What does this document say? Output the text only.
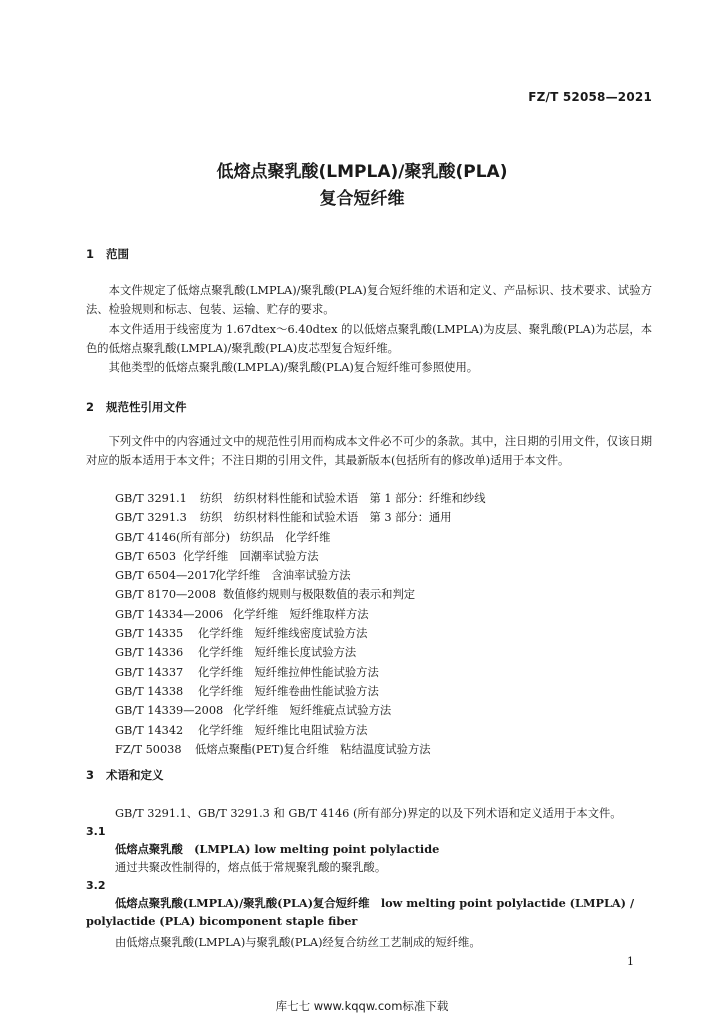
FZ/T 52058—2021
低熔点聚乳酸(LMPLA)/聚乳酸(PLA)
复合短纤维
1 范围
本文件规定了低熔点聚乳酸(LMPLA)/聚乳酸(PLA)复合短纤维的术语和定义、产品标识、技术要求、试验方法、检验规则和标志、包装、运输、贮存的要求。
本文件适用于线密度为 1.67dtex～6.40dtex 的以低熔点聚乳酸(LMPLA)为皮层、聚乳酸(PLA)为芯层，本色的低熔点聚乳酸(LMPLA)/聚乳酸(PLA)皮芯型复合短纤维。
其他类型的低熔点聚乳酸(LMPLA)/聚乳酸(PLA)复合短纤维可参照使用。
2 规范性引用文件
下列文件中的内容通过文中的规范性引用而构成本文件必不可少的条款。其中，注日期的引用文件，仅该日期对应的版本适用于本文件；不注日期的引用文件，其最新版本(包括所有的修改单)适用于本文件。
GB/T 3291.1 纺织　纺织材料性能和试验术语　第 1 部分：纤维和纱线
GB/T 3291.3 纺织　纺织材料性能和试验术语　第 3 部分：通用
GB/T 4146(所有部分) 纺织品　化学纤维
GB/T 6503 化学纤维　回潮率试验方法
GB/T 6504—2017化学纤维　含油率试验方法
GB/T 8170—2008 数值修约规则与极限数值的表示和判定
GB/T 14334—2006 化学纤维　短纤维取样方法
GB/T 14335 化学纤维　短纤维线密度试验方法
GB/T 14336 化学纤维　短纤维长度试验方法
GB/T 14337 化学纤维　短纤维拉伸性能试验方法
GB/T 14338 化学纤维　短纤维卷曲性能试验方法
GB/T 14339—2008 化学纤维　短纤维疵点试验方法
GB/T 14342 化学纤维　短纤维比电阻试验方法
FZ/T 50038 低熔点聚酯(PET)复合纤维　粘结温度试验方法
3 术语和定义
GB/T 3291.1、GB/T 3291.3 和 GB/T 4146 (所有部分)界定的以及下列术语和定义适用于本文件。
3.1
低熔点聚乳酸　(LMPLA) low melting point polylactide
通过共聚改性制得的，熔点低于常规聚乳酸的聚乳酸。
3.2
低熔点聚乳酸(LMPLA)/聚乳酸(PLA)复合短纤维　low melting point polylactide (LMPLA) /
polylactide (PLA) bicomponent staple fiber
由低熔点聚乳酸(LMPLA)与聚乳酸(PLA)经复合纺丝工艺制成的短纤维。
1
库七七 www.kqqw.com标准下载
